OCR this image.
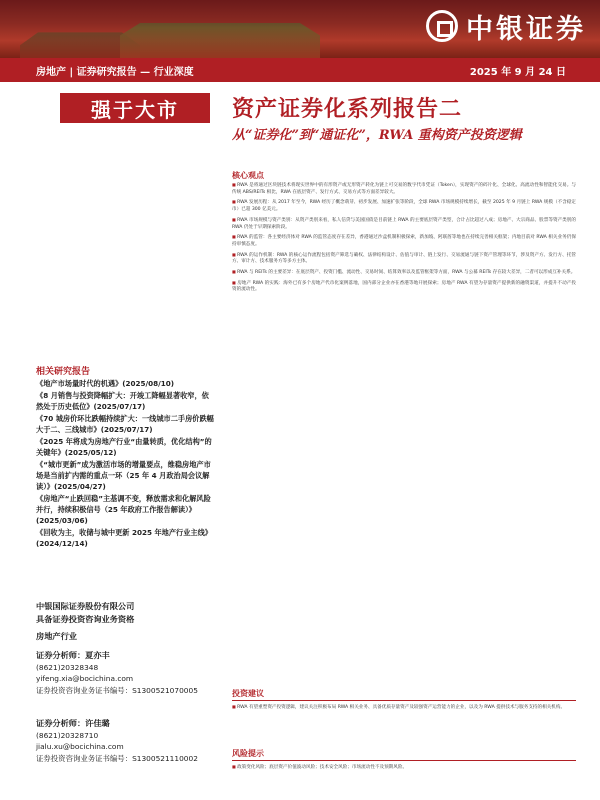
中银证券
房地产 | 证券研究报告 — 行业深度	2025 年 9 月 24 日
强于大市	资产证券化系列报告二
从“证券化”到“通证化”，RWA 重构资产投资逻辑
核心观点

■ RWA 是将通过区块链技术将现实世界中的有形资产或无形资产转化为链上可交易的数字代币凭证（Token），实现资产的碎片化、全球化、高流动性和智能化交易。与传统 ABS/REITs 相比，RWA 在底层资产、发行方式、交易方式等方面差异较大。

■ RWA 发展历程：从 2017 年至今，RWA 经历了概念萌芽、初步发展、加速扩张等阶段，全球 RWA 市场规模持续增长，截至 2025 年 9 月链上 RWA 规模（不含稳定币）已超 300 亿美元。

■ RWA 市场规模与资产类别：从资产类别来看，私人信贷与美国国债是目前链上 RWA 的主要底层资产类型，合计占比超过八成；房地产、大宗商品、股票等资产类别的 RWA 仍处于早期探索阶段。

■ RWA 的监管：各主要经济体对 RWA 的监管态度存在差异，香港通过沙盒机制积极探索，新加坡、阿联酋等地也在持续完善相关框架；内地目前对 RWA 相关业务仍保持审慎态度。

■ RWA 的运作机制：RWA 的核心运作流程包括资产筛选与确权、法律结构设计、估值与审计、链上发行、交易流通与链下资产管理等环节，涉及资产方、发行方、托管方、审计方、技术服务方等多方主体。

■ RWA 与 REITs 的主要差异：在底层资产、投资门槛、流动性、交易时间、结算效率以及监管框架等方面，RWA 与公募 REITs 存在较大差异，二者可以形成互补关系。

■ 房地产 RWA 的实践：海外已有多个房地产代币化案例落地，国内部分企业亦在香港等地开展探索；房地产 RWA 有望为存量资产提供新的融资渠道，并提升不动产投资的流动性。

投资建议

■ RWA 有望重塑资产投资逻辑，建议关注积极布局 RWA 相关业务、具备优质存量资产及较强资产运营能力的企业，以及为 RWA 提供技术与服务支持的相关机构。

风险提示

■ 政策变化风险；底层资产价值波动风险；技术安全风险；市场流动性不及预期风险。

相关研究报告
《 地产市场量时代的机遇》(2025/08/10)
《 8 月销售与投资降幅扩大：开竣工降幅显著收窄，依然处于历史低位》(2025/07/17)
《 70 城房价环比跌幅持续扩大：一线城市二手房价跌幅大于二、三线城市》(2025/07/17)
《 2025 年将成为房地产行业“由量转质，优化结构”的关键年》(2025/05/12)
《 “城市更新”成为激活市场的增量要点，维稳房地产市场是当前扩内需的重点一环（25 年 4 月政治局会议解读）》(2025/04/27)
《 房地产“止跌回稳”主基调不变，释放需求和化解风险并行，持续积极信号（25 年政府工作报告解读）》(2025/03/06)
《 回收为主，收储与城中更新 2025 年地产行业主线》(2024/12/14)
中银国际证券股份有限公司
具备证券投资咨询业务资格
房地产行业
证券分析师：夏亦丰
(8621)20328348
yifeng.xia@bocichina.com
证券投资咨询业务证书编号：S1300521070005
证券分析师：许佳璐
(8621)20328710
jialu.xu@bocichina.com
证券投资咨询业务证书编号：S1300521110002
